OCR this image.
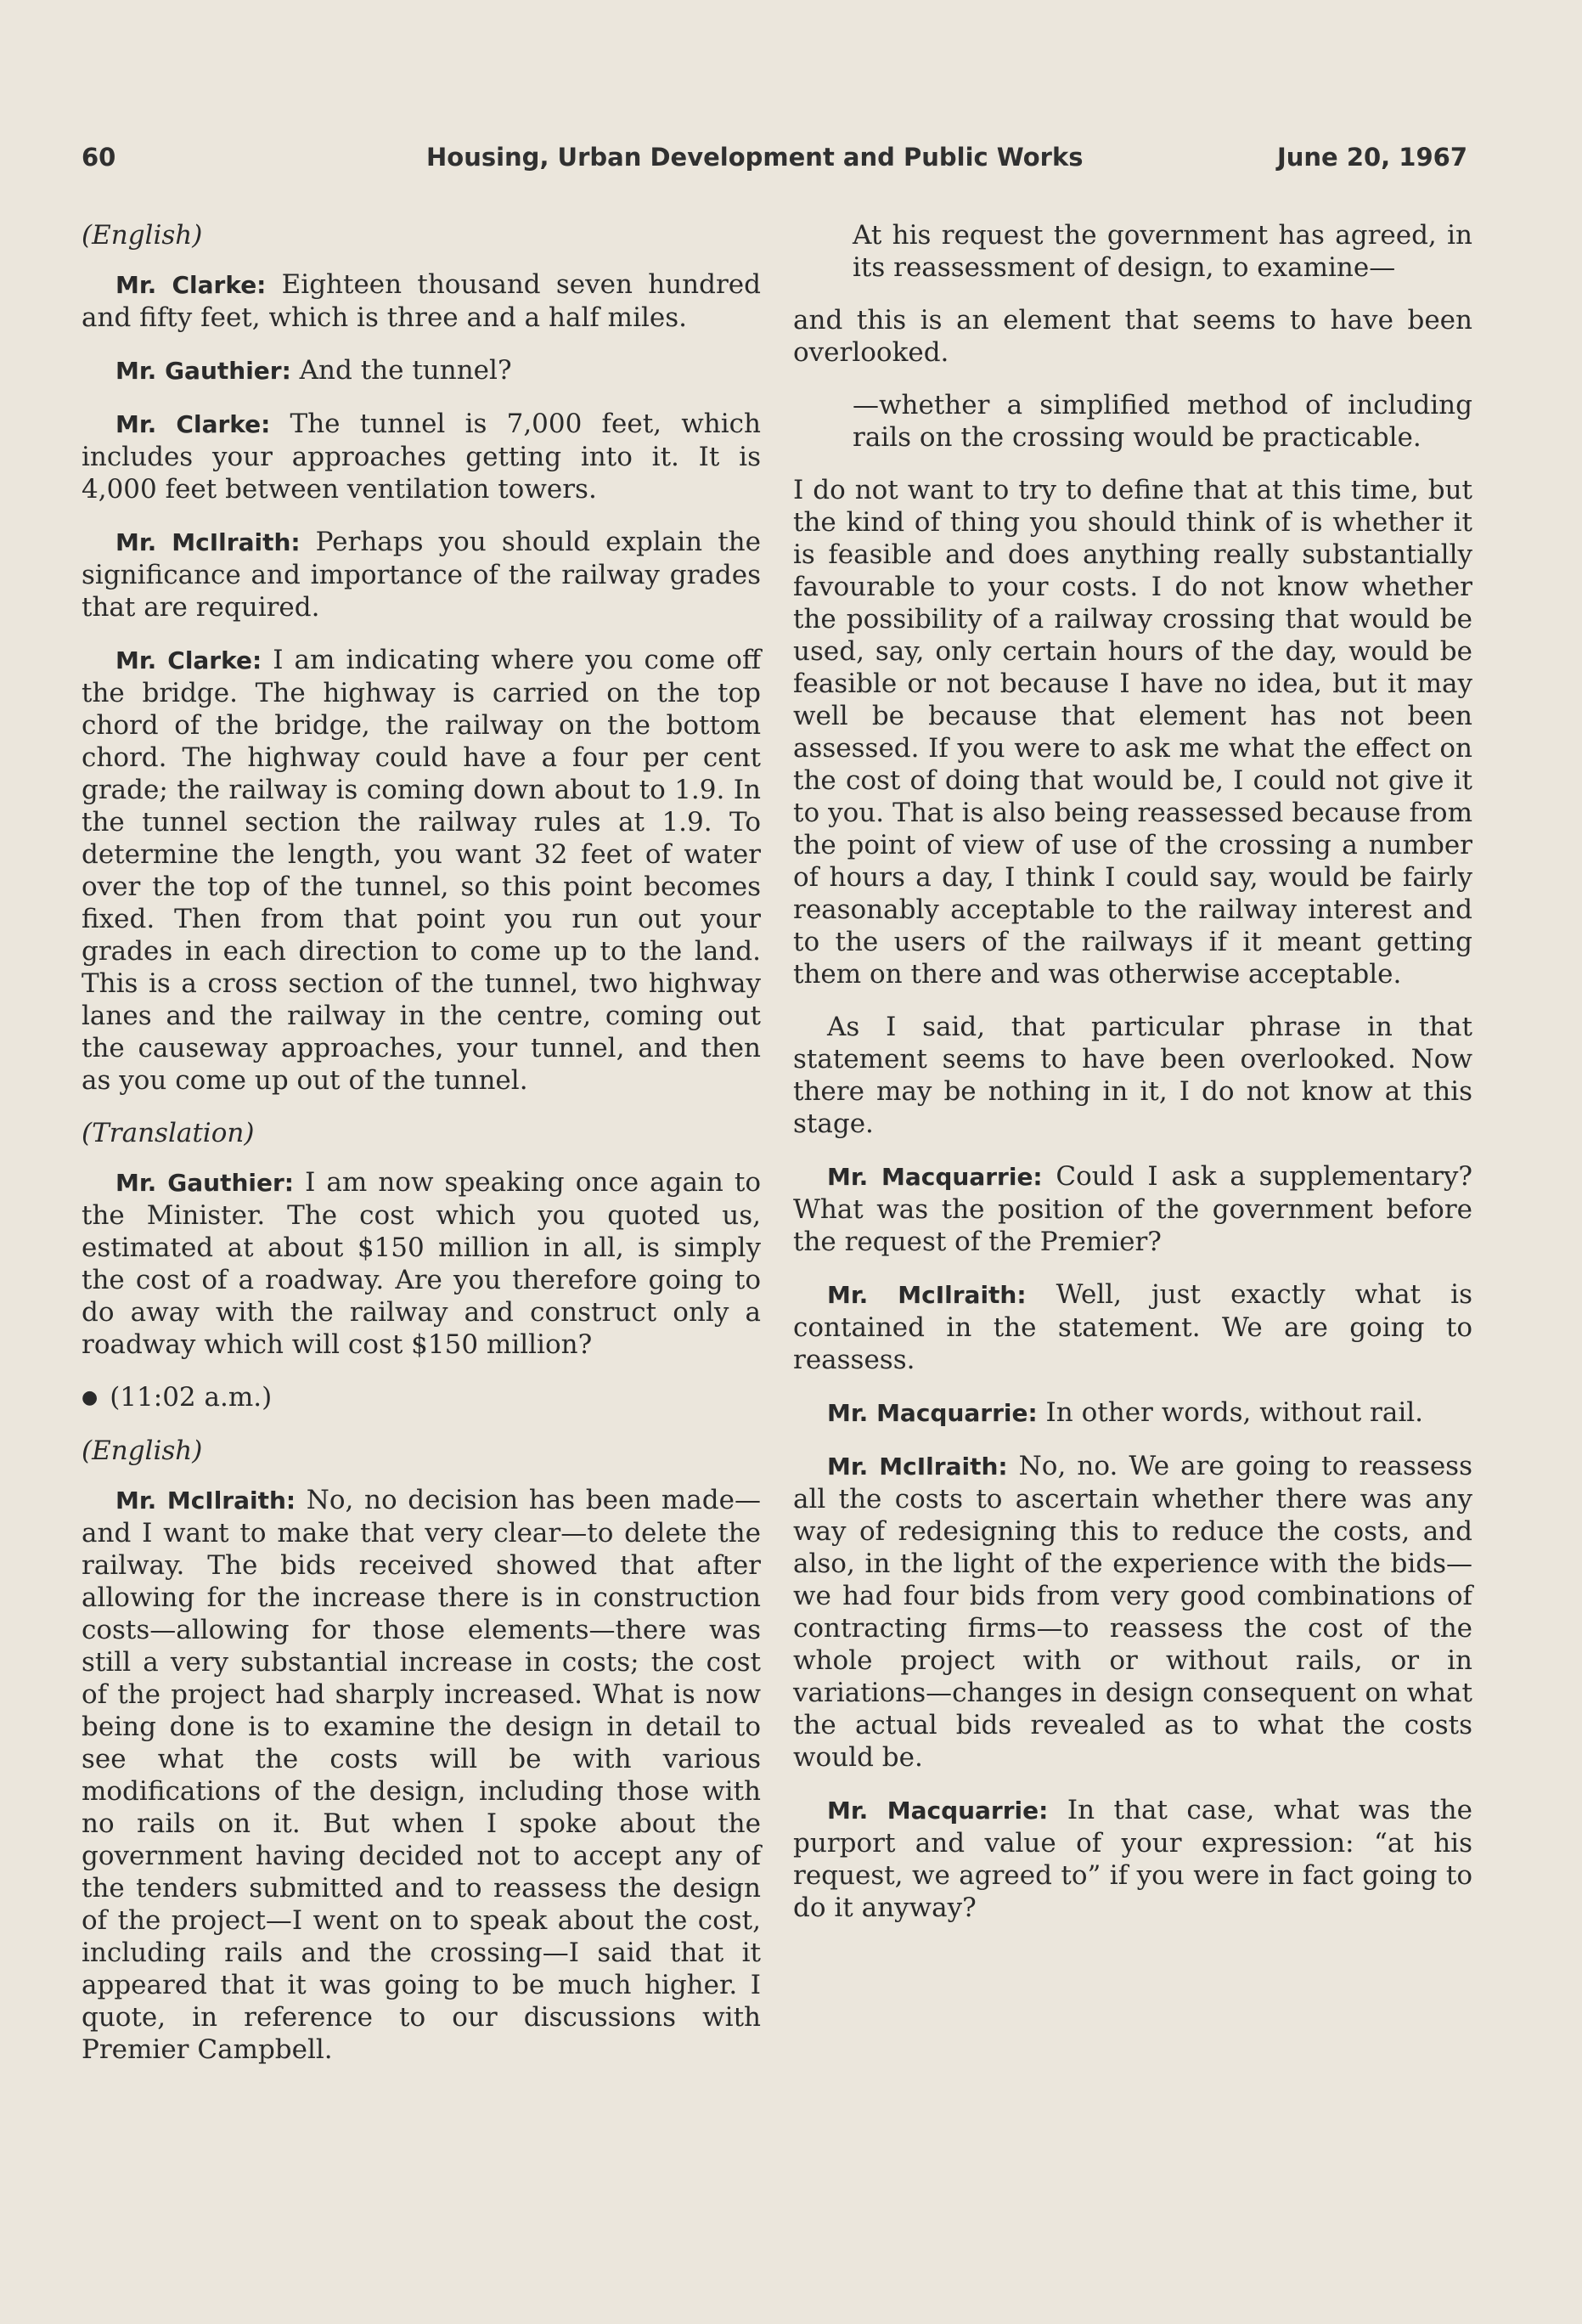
60	Housing, Urban Development and Public Works	June 20, 1967

(English)

Mr. Clarke: Eighteen thousand seven hundred and fifty feet, which is three and a half miles.

Mr. Gauthier: And the tunnel?

Mr. Clarke: The tunnel is 7,000 feet, which includes your approaches getting into it. It is 4,000 feet between ventilation towers.

Mr. McIlraith: Perhaps you should explain the significance and importance of the railway grades that are required.

Mr. Clarke: I am indicating where you come off the bridge. The highway is carried on the top chord of the bridge, the railway on the bottom chord. The highway could have a four per cent grade; the railway is coming down about to 1.9. In the tunnel section the railway rules at 1.9. To determine the length, you want 32 feet of water over the top of the tunnel, so this point becomes fixed. Then from that point you run out your grades in each direction to come up to the land. This is a cross section of the tunnel, two highway lanes and the railway in the centre, coming out the causeway approaches, your tunnel, and then as you come up out of the tunnel.

(Translation)

Mr. Gauthier: I am now speaking once again to the Minister. The cost which you quoted us, estimated at about $150 million in all, is simply the cost of a roadway. Are you therefore going to do away with the railway and construct only a roadway which will cost $150 million?

● (11:02 a.m.)

(English)

Mr. McIlraith: No, no decision has been made—and I want to make that very clear—to delete the railway. The bids received showed that after allowing for the increase there is in construction costs—allowing for those elements—there was still a very substantial increase in costs; the cost of the project had sharply increased. What is now being done is to examine the design in detail to see what the costs will be with various modifications of the design, including those with no rails on it. But when I spoke about the government having decided not to accept any of the tenders submitted and to reassess the design of the project—I went on to speak about the cost, including rails and the crossing—I said that it appeared that it was going to be much higher. I quote, in reference to our discussions with Premier Campbell.

At his request the government has agreed, in its reassessment of design, to examine—

and this is an element that seems to have been overlooked.

—whether a simplified method of including rails on the crossing would be practicable.

I do not want to try to define that at this time, but the kind of thing you should think of is whether it is feasible and does anything really substantially favourable to your costs. I do not know whether the possibility of a railway crossing that would be used, say, only certain hours of the day, would be feasible or not because I have no idea, but it may well be because that element has not been assessed. If you were to ask me what the effect on the cost of doing that would be, I could not give it to you. That is also being reassessed because from the point of view of use of the crossing a number of hours a day, I think I could say, would be fairly reasonably acceptable to the railway interest and to the users of the railways if it meant getting them on there and was otherwise acceptable.

As I said, that particular phrase in that statement seems to have been overlooked. Now there may be nothing in it, I do not know at this stage.

Mr. Macquarrie: Could I ask a supplementary? What was the position of the government before the request of the Premier?

Mr. McIlraith: Well, just exactly what is contained in the statement. We are going to reassess.

Mr. Macquarrie: In other words, without rail.

Mr. McIlraith: No, no. We are going to reassess all the costs to ascertain whether there was any way of redesigning this to reduce the costs, and also, in the light of the experience with the bids—we had four bids from very good combinations of contracting firms—to reassess the cost of the whole project with or without rails, or in variations—changes in design consequent on what the actual bids revealed as to what the costs would be.

Mr. Macquarrie: In that case, what was the purport and value of your expression: “at his request, we agreed to” if you were in fact going to do it anyway?
